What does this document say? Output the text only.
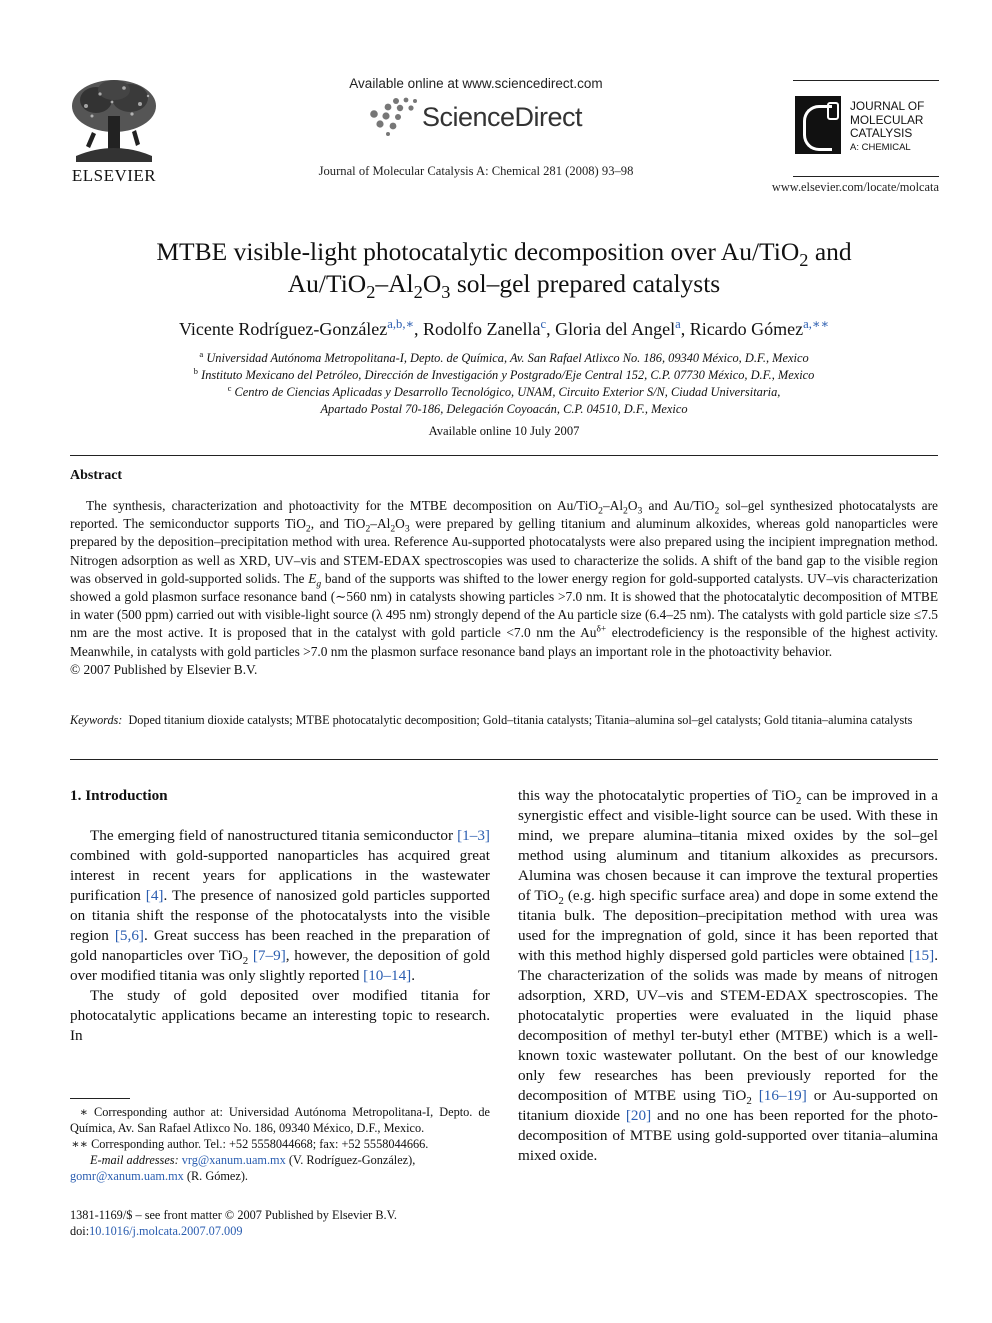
ELSEVIER
Available online at www.sciencedirect.com
ScienceDirect
Journal of Molecular Catalysis A: Chemical 281 (2008) 93–98
JOURNAL OF
MOLECULAR
CATALYSIS
A: CHEMICAL
www.elsevier.com/locate/molcata
MTBE visible-light photocatalytic decomposition over Au/TiO$_2$ and
$Au/TiO_2-Al_2O_3$ sol–gel prepared catalysts
Vicente Rodríguez-González$^{a,b,∗}$, Rodolfo Zanella$^c$, Gloria del Angel$^a$, Ricardo Gómez$^{a,∗∗}$
$^a$ Universidad Autónoma Metropolitana-I, Depto. de Química, Av. San Rafael Atlixco No. 186, 09340 México, D.F., Mexico
$^b$ Instituto Mexicano del Petróleo, Dirección de Investigación y Postgrado/Eje Central 152, C.P. 07730 México, D.F., Mexico
$^c$ Centro de Ciencias Aplicadas y Desarrollo Tecnológico, UNAM, Circuito Exterior S/N, Ciudad Universitaria,
Apartado Postal 70-186, Delegación Coyoacán, C.P. 04510, D.F., Mexico
Available online 10 July 2007
Abstract

The synthesis, characterization and photoactivity for the MTBE decomposition on $Au/TiO_2-Al_2O_3$ and Au/TiO$_2$ sol–gel synthesized photocatalysts are reported. The semiconductor supports TiO$_2$, and $TiO_2-Al_2O_3$ were prepared by gelling titanium and aluminum alkoxides, whereas gold nanoparticles were prepared by the deposition–precipitation method with urea. Reference Au-supported photocatalysts were also prepared using the incipient impregnation method. Nitrogen adsorption as well as XRD, UV–vis and STEM-EDAX spectroscopies was used to characterize the solids. A shift of the band gap to the visible region was observed in gold-supported solids. The $E_g$ band of the supports was shifted to the lower energy region for gold-supported catalysts. UV–vis characterization showed a gold plasmon surface resonance band (∼560 nm) in catalysts showing particles >7.0 nm. It is showed that the photocatalytic decomposition of MTBE in water (500 ppm) carried out with visible-light source (λ 495 nm) strongly depend of the Au particle size (6.4–25 nm). The catalysts with gold particle size ≤7.5 nm are the most active. It is proposed that in the catalyst with gold particle <7.0 nm the $Au^{\delta+}$ electrodeficiency is the responsible of the highest activity. Meanwhile, in catalysts with gold particles >7.0 nm the plasmon surface resonance band plays an important role in the photoactivity behavior.

© 2007 Published by Elsevier B.V.

Keywords: Doped titanium dioxide catalysts; MTBE photocatalytic decomposition; Gold–titania catalysts; Titania–alumina sol–gel catalysts; Gold titania–alumina catalysts

1. Introduction

The emerging field of nanostructured titania semiconductor [1–3] combined with gold-supported nanoparticles has acquired great interest in recent years for applications in the wastewater purification [4]. The presence of nanosized gold particles supported on titania shift the response of the photocatalysts into the visible region [5,6]. Great success has been reached in the preparation of gold nanoparticles over TiO$_2$ [7–9], however, the deposition of gold over modified titania was only slightly reported [10–14].

The study of gold deposited over modified titania for photocatalytic applications became an interesting topic to research. In

∗ Corresponding author at: Universidad Autónoma Metropolitana-I, Depto. de Química, Av. San Rafael Atlixco No. 186, 09340 México, D.F., Mexico.

∗∗ Corresponding author. Tel.: +52 5558044668; fax: +52 5558044666.

E-mail addresses: vrg@xanum.uam.mx (V. Rodríguez-González),

gomr@xanum.uam.mx (R. Gómez).

1381-1169/$ – see front matter © 2007 Published by Elsevier B.V.
doi:10.1016/j.molcata.2007.07.009

this way the photocatalytic properties of TiO$_2$ can be improved in a synergistic effect and visible-light source can be used. With these in mind, we prepare alumina–titania mixed oxides by the sol–gel method using aluminum and titanium alkoxides as precursors. Alumina was chosen because it can improve the textural properties of TiO$_2$ (e.g. high specific surface area) and dope in some extend the titania bulk. The deposition–precipitation method with urea was used for the impregnation of gold, since it has been reported that with this method highly dispersed gold particles were obtained [15]. The characterization of the solids was made by means of nitrogen adsorption, XRD, UV–vis and STEM-EDAX spectroscopies. The photocatalytic properties were evaluated in the liquid phase decomposition of methyl ter-butyl ether (MTBE) which is a well-known toxic wastewater pollutant. On the best of our knowledge only few researches has been previously reported for the decomposition of MTBE using TiO$_2$ [16–19] or Au-supported on titanium dioxide [20] and no one has been reported for the photo-decomposition of MTBE using gold-supported over titania–alumina mixed oxide.
